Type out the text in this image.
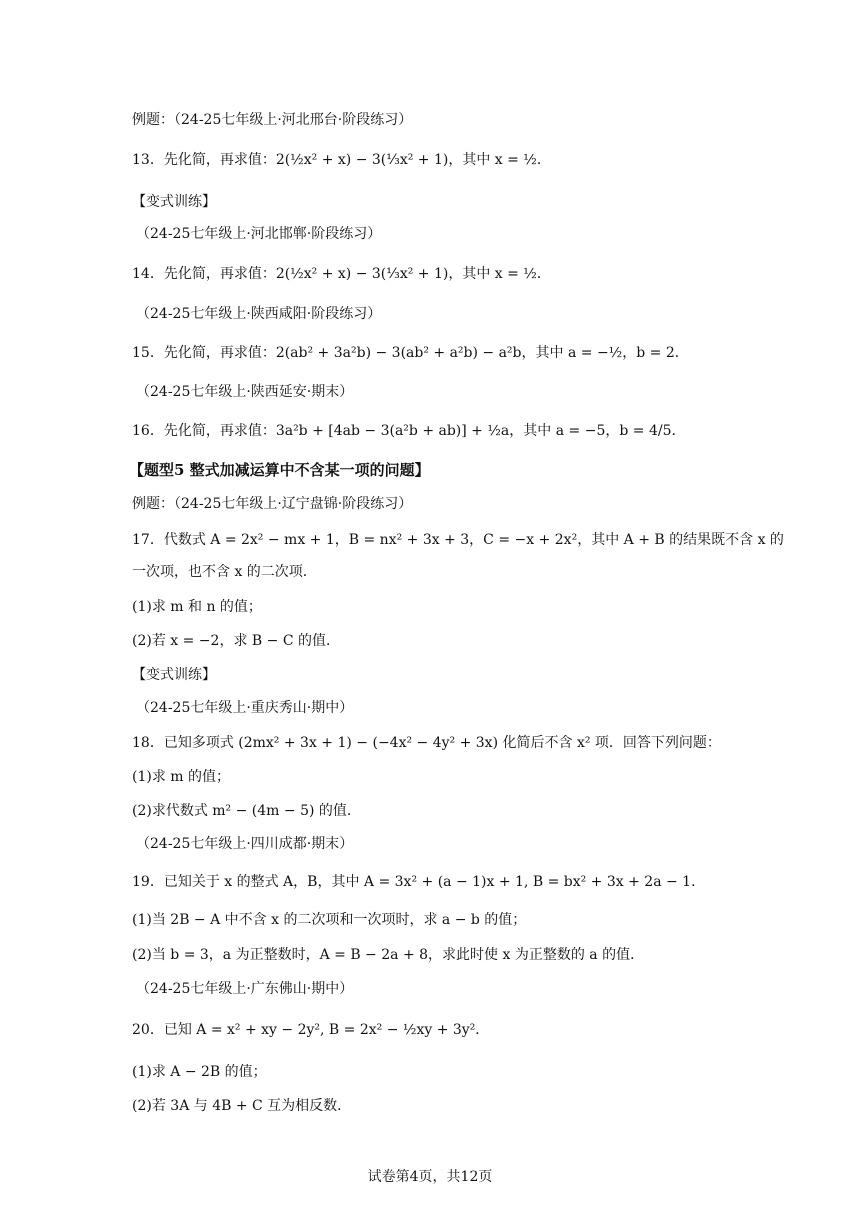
例题：（24-25七年级上·河北邢台·阶段练习）
13．先化简，再求值：2(½x² + x) − 3(⅓x² + 1)，其中 x = ½．
【变式训练】
（24-25七年级上·河北邯郸·阶段练习）
14．先化简，再求值：2(½x² + x) − 3(⅓x² + 1)，其中 x = ½．
（24-25七年级上·陕西咸阳·阶段练习）
15．先化简，再求值：2(ab² + 3a²b) − 3(ab² + a²b) − a²b，其中 a = −½，b = 2．
（24-25七年级上·陕西延安·期末）
16．先化简，再求值：3a²b + [4ab − 3(a²b + ab)] + ½a，其中 a = −5，b = 4/5．
【题型5 整式加减运算中不含某一项的问题】
例题：（24-25七年级上·辽宁盘锦·阶段练习）
17．代数式 A = 2x² − mx + 1，B = nx² + 3x + 3，C = −x + 2x²，其中 A + B 的结果既不含 x 的
一次项，也不含 x 的二次项．
(1)求 m 和 n 的值；
(2)若 x = −2，求 B − C 的值．
【变式训练】
（24-25七年级上·重庆秀山·期中）
18．已知多项式 (2mx² + 3x + 1) − (−4x² − 4y² + 3x) 化简后不含 x² 项．回答下列问题：
(1)求 m 的值；
(2)求代数式 m² − (4m − 5) 的值．
（24-25七年级上·四川成都·期末）
19．已知关于 x 的整式 A，B，其中 A = 3x² + (a − 1)x + 1, B = bx² + 3x + 2a − 1．
(1)当 2B − A 中不含 x 的二次项和一次项时，求 a − b 的值；
(2)当 b = 3，a 为正整数时，A = B − 2a + 8，求此时使 x 为正整数的 a 的值．
（24-25七年级上·广东佛山·期中）
20．已知 A = x² + xy − 2y², B = 2x² − ½xy + 3y²．
(1)求 A − 2B 的值；
(2)若 3A 与 4B + C 互为相反数．
试卷第4页，共12页
